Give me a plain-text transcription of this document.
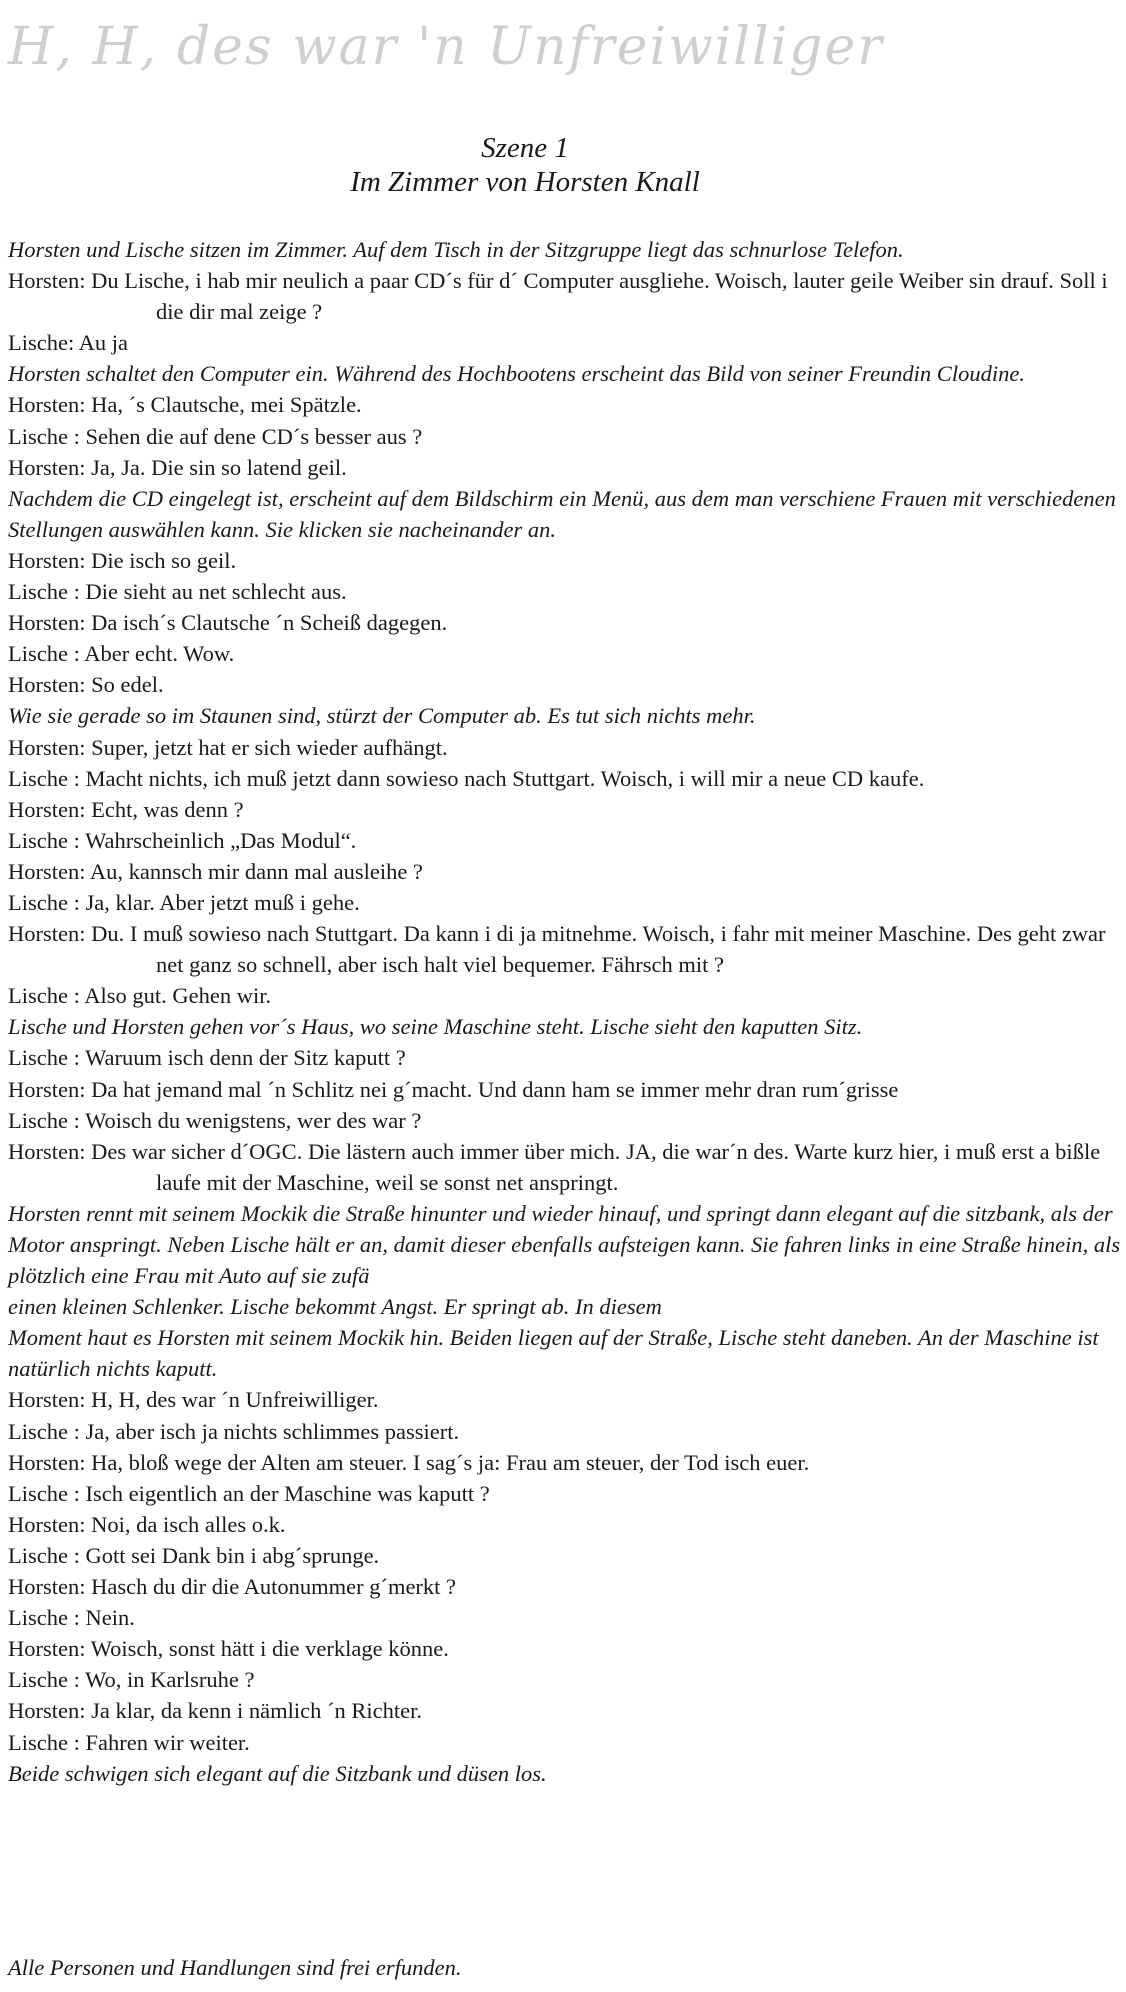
H, H, des war 'n Unfreiwilliger
Szene 1
Im Zimmer von Horsten Knall

Horsten und Lische sitzen im Zimmer. Auf dem Tisch in der Sitzgruppe liegt das schnurlose Telefon.

Horsten: Du Lische, i hab mir neulich a paar CD´s für d´ Computer ausgliehe. Woisch, lauter geile Weiber sin drauf. Soll i die dir mal zeige ?

Lische: Au ja

Horsten schaltet den Computer ein. Während des Hochbootens erscheint das Bild von seiner Freundin Cloudine.

Horsten: Ha, ´s Clautsche, mei Spätzle.

Lische : Sehen die auf dene CD´s besser aus ?

Horsten: Ja, Ja. Die sin so latend geil.

Nachdem die CD eingelegt ist, erscheint auf dem Bildschirm ein Menü, aus dem man verschiene Frauen mit verschiedenen Stellungen auswählen kann. Sie klicken sie nacheinander an.

Horsten: Die isch so geil.

Lische : Die sieht au net schlecht aus.

Horsten: Da isch´s Clautsche ´n Scheiß dagegen.

Lische : Aber echt. Wow.

Horsten: So edel.

Wie sie gerade so im Staunen sind, stürzt der Computer ab. Es tut sich nichts mehr.

Horsten: Super, jetzt hat er sich wieder aufhängt.

Lische : Macht nichts, ich muß jetzt dann sowieso nach Stuttgart. Woisch, i will mir a neue CD kaufe.

Horsten: Echt, was denn ?

Lische : Wahrscheinlich „Das Modul“.

Horsten: Au, kannsch mir dann mal ausleihe ?

Lische : Ja, klar. Aber jetzt muß i gehe.

Horsten: Du. I muß sowieso nach Stuttgart. Da kann i di ja mitnehme. Woisch, i fahr mit meiner Maschine. Des geht zwar net ganz so schnell, aber isch halt viel bequemer. Fährsch mit ?

Lische : Also gut. Gehen wir.

Lische und Horsten gehen vor´s Haus, wo seine Maschine steht. Lische sieht den kaputten Sitz.

Lische : Waruum isch denn der Sitz kaputt ?

Horsten: Da hat jemand mal ´n Schlitz nei g´macht. Und dann ham se immer mehr dran rum´grisse

Lische : Woisch du wenigstens, wer des war ?

Horsten: Des war sicher d´OGC. Die lästern auch immer über mich. JA, die war´n des. Warte kurz hier, i muß erst a bißle laufe mit der Maschine, weil se sonst net anspringt.

Horsten rennt mit seinem Mockik die Straße hinunter und wieder hinauf, und springt dann elegant auf die sitzbank, als der Motor anspringt. Neben Lische hält er an, damit dieser ebenfalls aufsteigen kann. Sie fahren links in eine Straße hinein, als plötzlich eine Frau mit Auto auf sie zufä

einen kleinen Schlenker. Lische bekommt Angst. Er springt ab. In diesem

Moment haut es Horsten mit seinem Mockik hin. Beiden liegen auf der Straße, Lische steht daneben. An der Maschine ist natürlich nichts kaputt.

Horsten: H, H, des war ´n Unfreiwilliger.

Lische : Ja, aber isch ja nichts schlimmes passiert.

Horsten: Ha, bloß wege der Alten am steuer. I sag´s ja: Frau am steuer, der Tod isch euer.

Lische : Isch eigentlich an der Maschine was kaputt ?

Horsten: Noi, da isch alles o.k.

Lische : Gott sei Dank bin i abg´sprunge.

Horsten: Hasch du dir die Autonummer g´merkt ?

Lische : Nein.

Horsten: Woisch, sonst hätt i die verklage könne.

Lische : Wo, in Karlsruhe ?

Horsten: Ja klar, da kenn i nämlich ´n Richter.

Lische : Fahren wir weiter.

Beide schwigen sich elegant auf die Sitzbank und düsen los.

Alle Personen und Handlungen sind frei erfunden.
